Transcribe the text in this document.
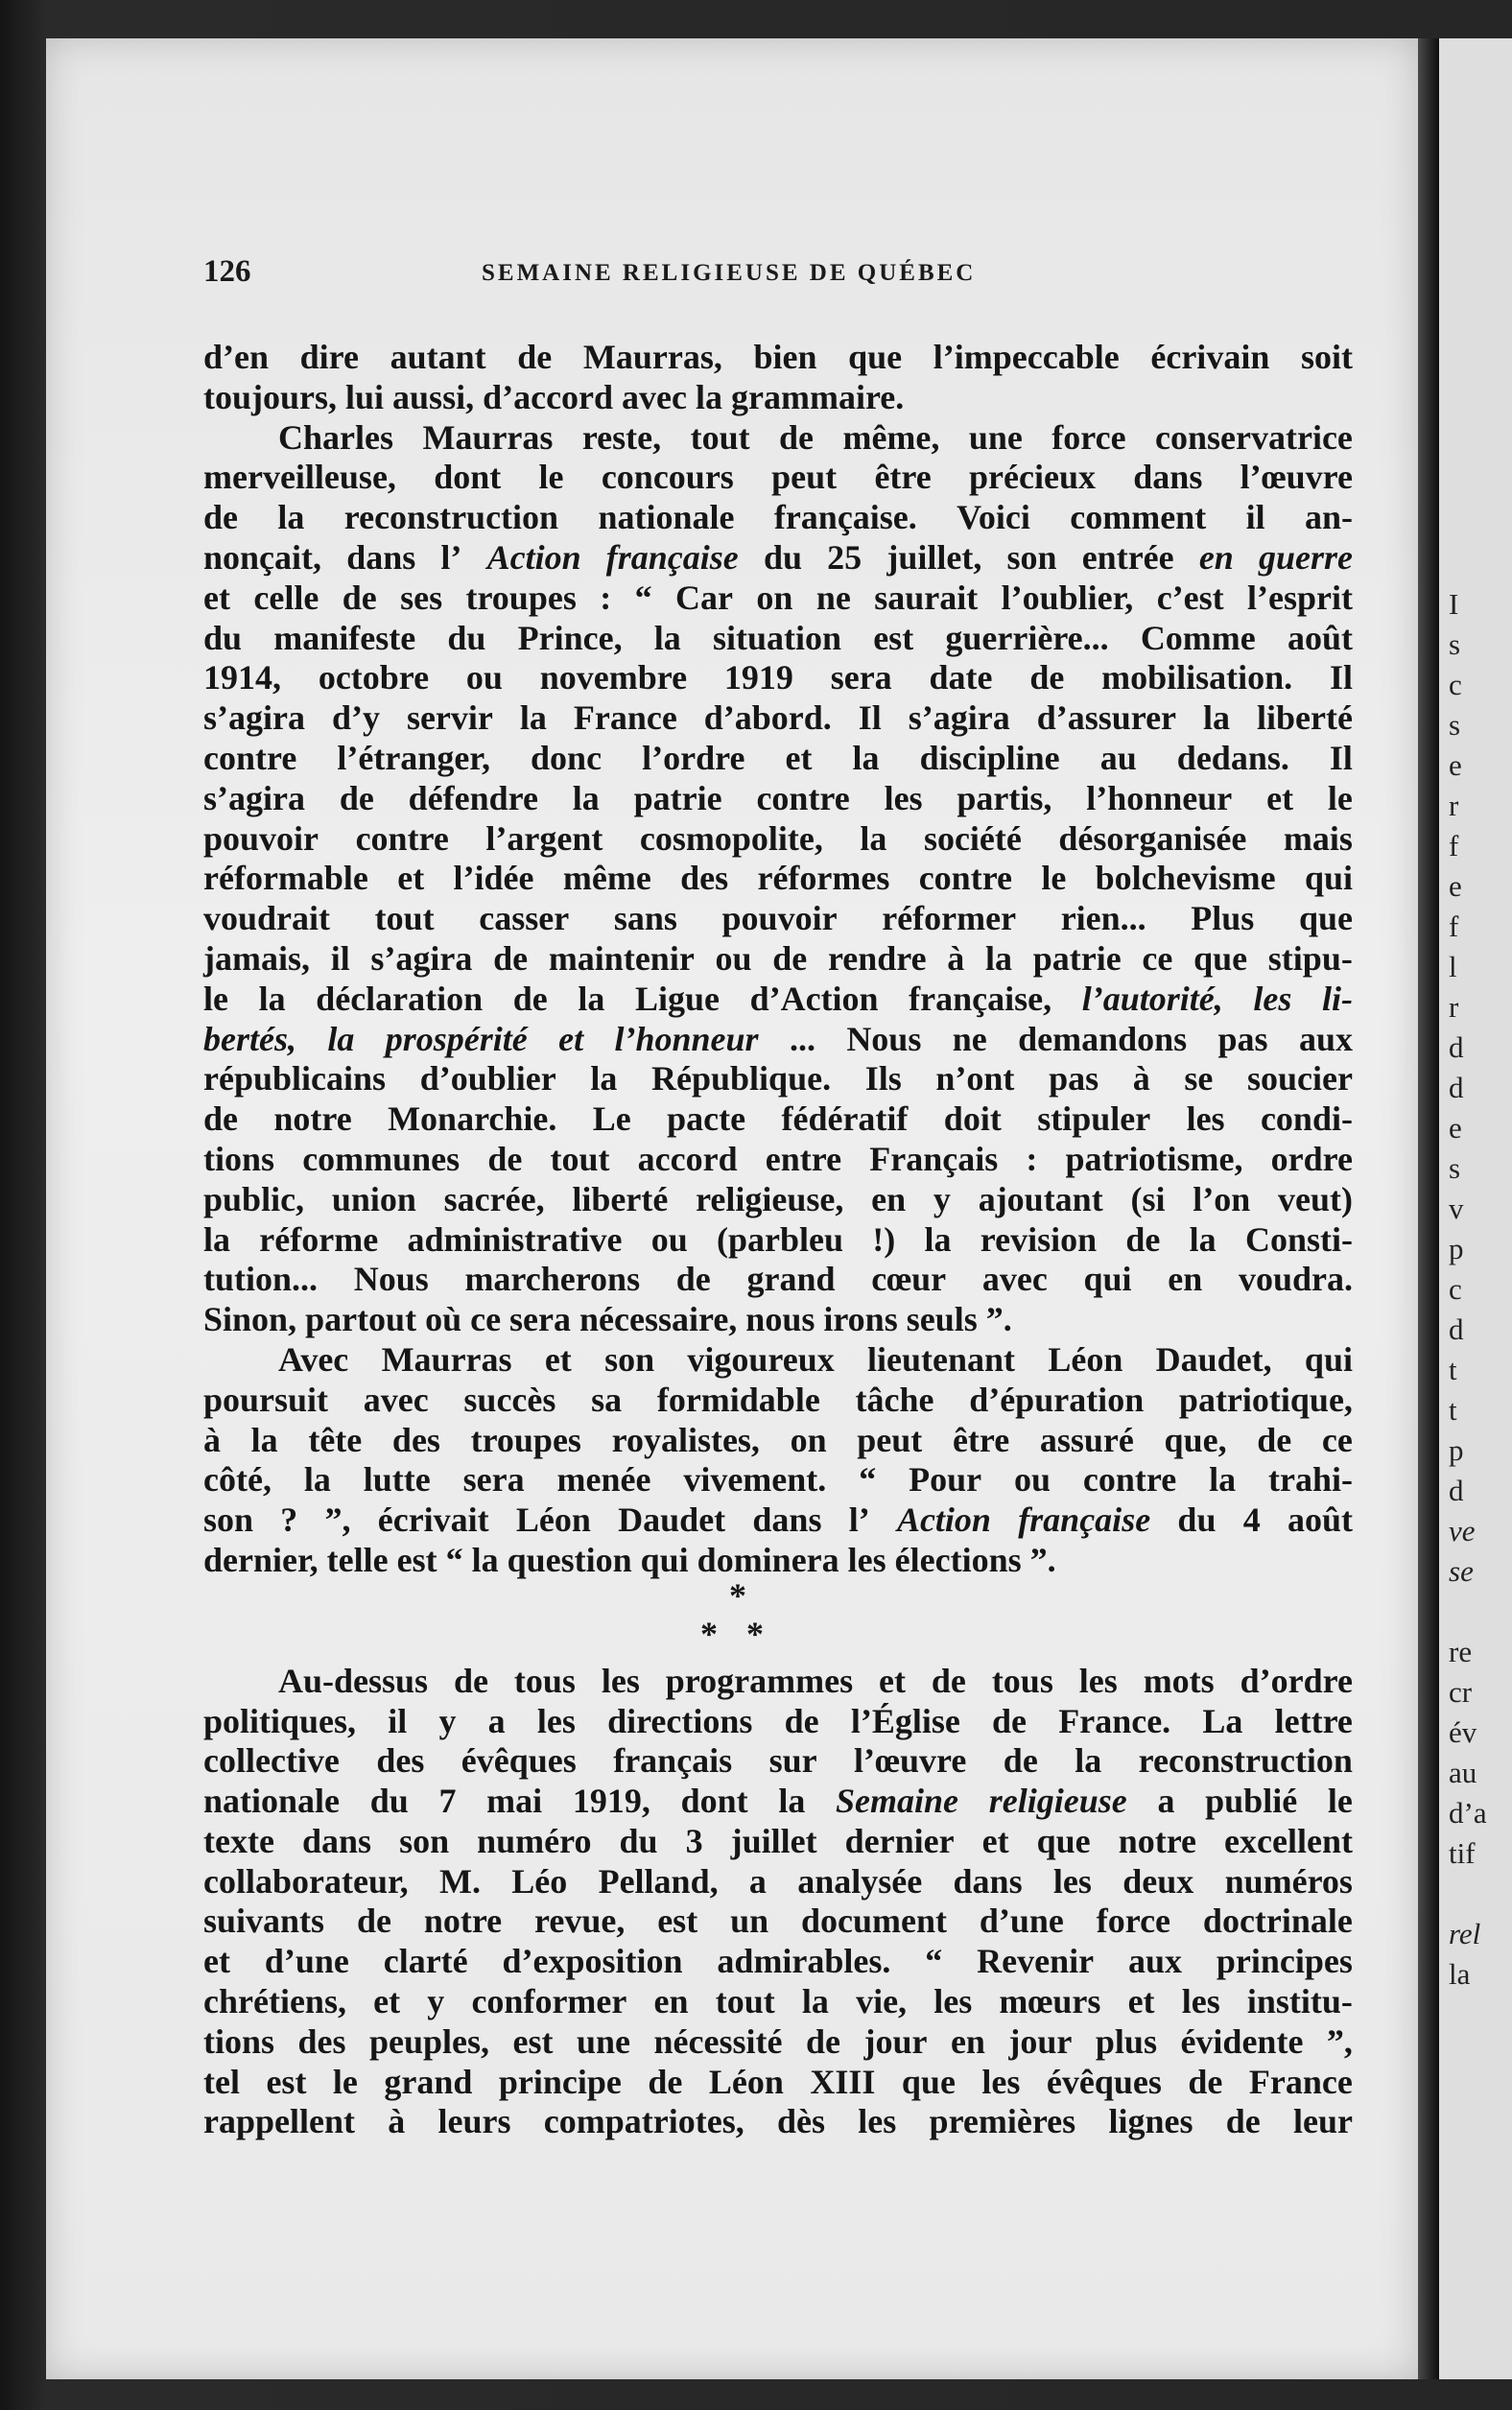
I
s
c
s
e
r
f
e
f
l
r
d
d
e
s
v
p
c
d
t
t
p
d
ve
se
re
cr
év
au
d’a
tif
rel
la
126	SEMAINE RELIGIEUSE DE QUÉBEC
d’en dire autant de Maurras, bien que l’impeccable écrivain soit
toujours, lui aussi, d’accord avec la grammaire.
Charles Maurras reste, tout de même, une force conservatrice
merveilleuse, dont le concours peut être précieux dans l’œuvre
de la reconstruction nationale française. Voici comment il an-
nonçait, dans l’ Action française du 25 juillet, son entrée en guerre
et celle de ses troupes : “ Car on ne saurait l’oublier, c’est l’esprit
du manifeste du Prince, la situation est guerrière... Comme août
1914, octobre ou novembre 1919 sera date de mobilisation. Il
s’agira d’y servir la France d’abord. Il s’agira d’assurer la liberté
contre l’étranger, donc l’ordre et la discipline au dedans. Il
s’agira de défendre la patrie contre les partis, l’honneur et le
pouvoir contre l’argent cosmopolite, la société désorganisée mais
réformable et l’idée même des réformes contre le bolchevisme qui
voudrait tout casser sans pouvoir réformer rien... Plus que
jamais, il s’agira de maintenir ou de rendre à la patrie ce que stipu-
le la déclaration de la Ligue d’Action française, l’autorité, les li-
bertés, la prospérité et l’honneur ... Nous ne demandons pas aux
républicains d’oublier la République. Ils n’ont pas à se soucier
de notre Monarchie. Le pacte fédératif doit stipuler les condi-
tions communes de tout accord entre Français : patriotisme, ordre
public, union sacrée, liberté religieuse, en y ajoutant (si l’on veut)
la réforme administrative ou (parbleu !) la revision de la Consti-
tution... Nous marcherons de grand cœur avec qui en voudra.
Sinon, partout où ce sera nécessaire, nous irons seuls ”.
Avec Maurras et son vigoureux lieutenant Léon Daudet, qui
poursuit avec succès sa formidable tâche d’épuration patriotique,
à la tête des troupes royalistes, on peut être assuré que, de ce
côté, la lutte sera menée vivement. “ Pour ou contre la trahi-
son ? ”, écrivait Léon Daudet dans l’ Action française du 4 août
dernier, telle est “ la question qui dominera les élections ”.
*
**
Au-dessus de tous les programmes et de tous les mots d’ordre
politiques, il y a les directions de l’Église de France. La lettre
collective des évêques français sur l’œuvre de la reconstruction
nationale du 7 mai 1919, dont la Semaine religieuse a publié le
texte dans son numéro du 3 juillet dernier et que notre excellent
collaborateur, M. Léo Pelland, a analysée dans les deux numéros
suivants de notre revue, est un document d’une force doctrinale
et d’une clarté d’exposition admirables. “ Revenir aux principes
chrétiens, et y conformer en tout la vie, les mœurs et les institu-
tions des peuples, est une nécessité de jour en jour plus évidente ”,
tel est le grand principe de Léon XIII que les évêques de France
rappellent à leurs compatriotes, dès les premières lignes de leur
